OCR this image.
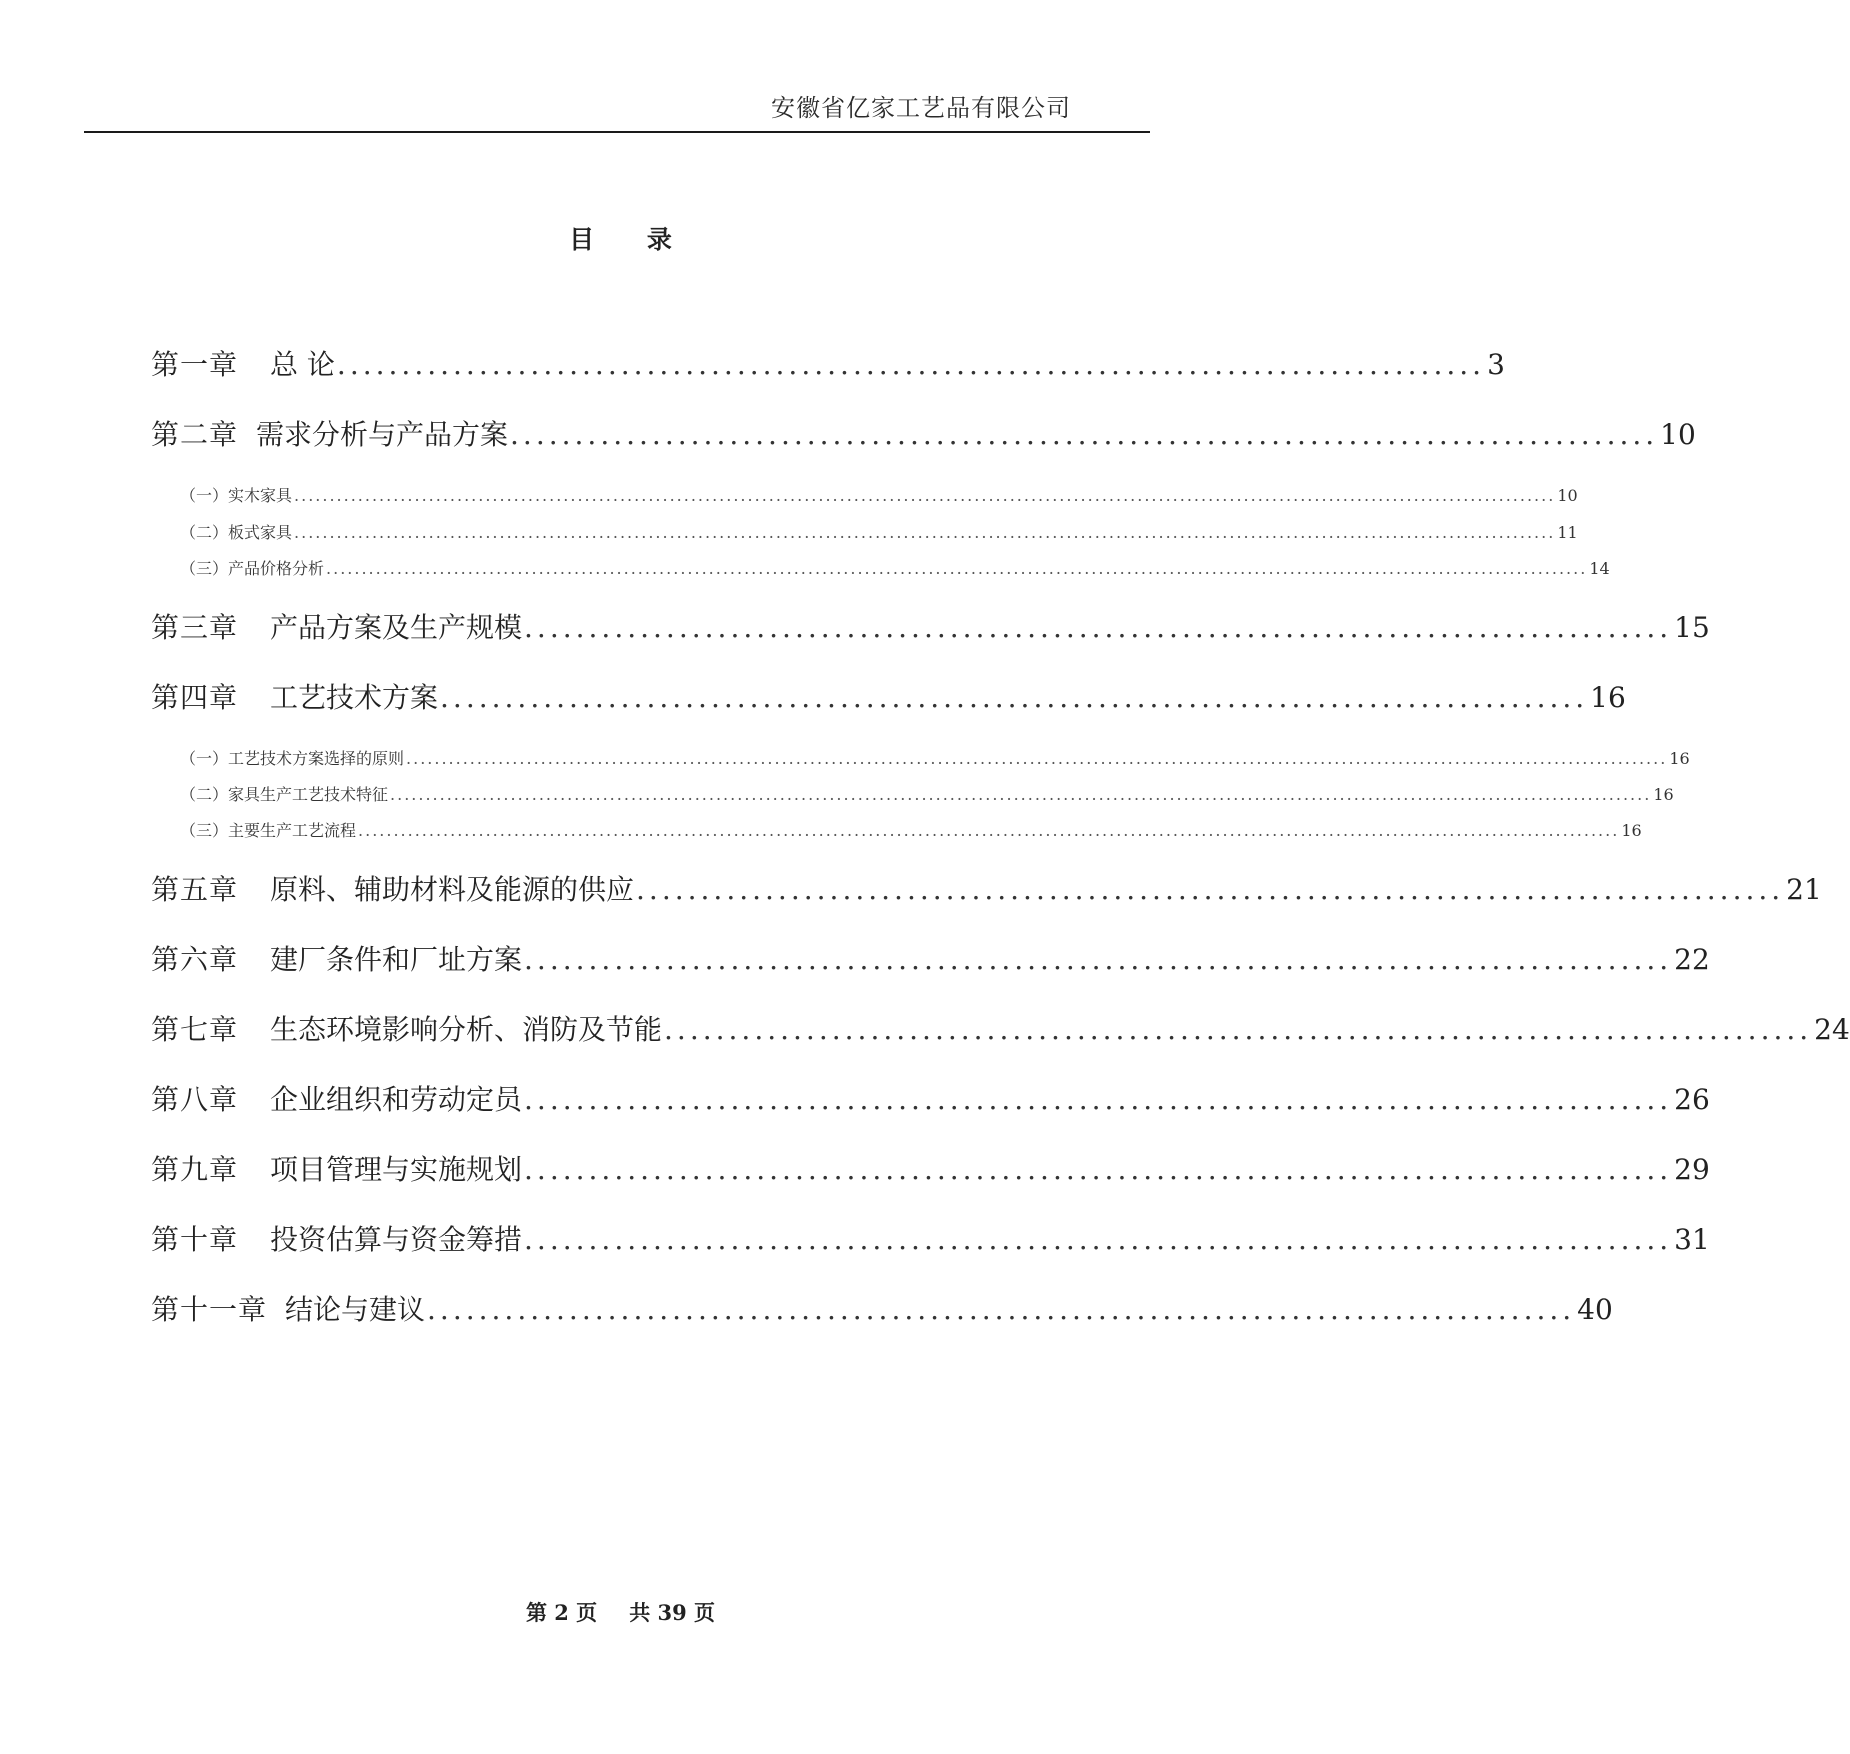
安徽省亿家工艺品有限公司
目 录
第一章 总 论 ......................................................................................... 3
第二章 需求分析与产品方案 ......................................................................................... 10
（一）实木家具 .................................................................................................................................................................................. 10
（二）板式家具 .................................................................................................................................................................................. 11
（三）产品价格分析 .................................................................................................................................................................................. 14
第三章 产品方案及生产规模 ......................................................................................... 15
第四章 工艺技术方案 ......................................................................................... 16
（一）工艺技术方案选择的原则 .................................................................................................................................................................................. 16
（二）家具生产工艺技术特征 .................................................................................................................................................................................. 16
（三）主要生产工艺流程 .................................................................................................................................................................................. 16
第五章 原料、辅助材料及能源的供应 ......................................................................................... 21
第六章 建厂条件和厂址方案 ......................................................................................... 22
第七章 生态环境影响分析、消防及节能 ......................................................................................... 24
第八章 企业组织和劳动定员 ......................................................................................... 26
第九章 项目管理与实施规划 ......................................................................................... 29
第十章 投资估算与资金筹措 ......................................................................................... 31
第十一章 结论与建议 ......................................................................................... 40
第 2 页 共 39 页
